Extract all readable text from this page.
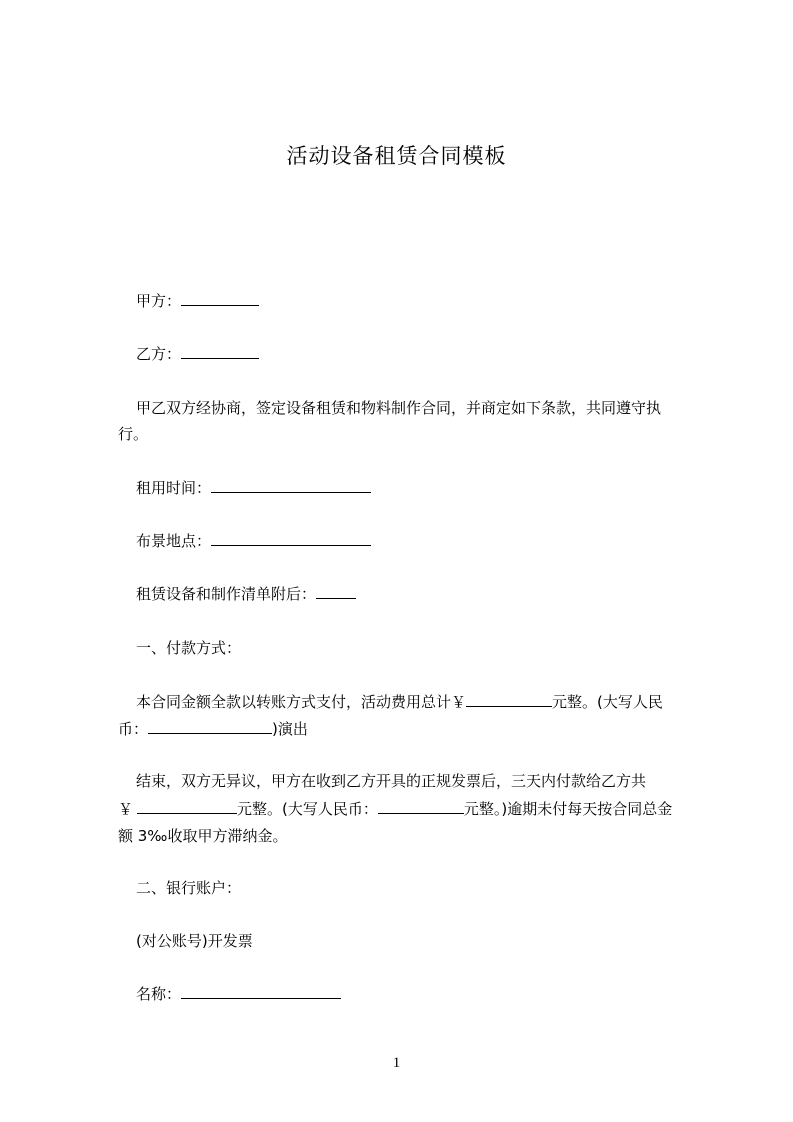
活动设备租赁合同模板
甲方：
乙方：
甲乙双方经协商，签定设备租赁和物料制作合同，并商定如下条款，共同遵守执
行。
租用时间：
布景地点：
租赁设备和制作清单附后：
一、付款方式：
本合同金额全款以转账方式支付，活动费用总计￥	元整。(大写人民
币：	)演出
结束，双方无异议，甲方在收到乙方开具的正规发票后，三天内付款给乙方共
￥	元整。(大写人民币：	元整。)逾期未付每天按合同总金
额 3‰收取甲方滞纳金。
二、银行账户：
(对公账号)开发票
名称：
1
